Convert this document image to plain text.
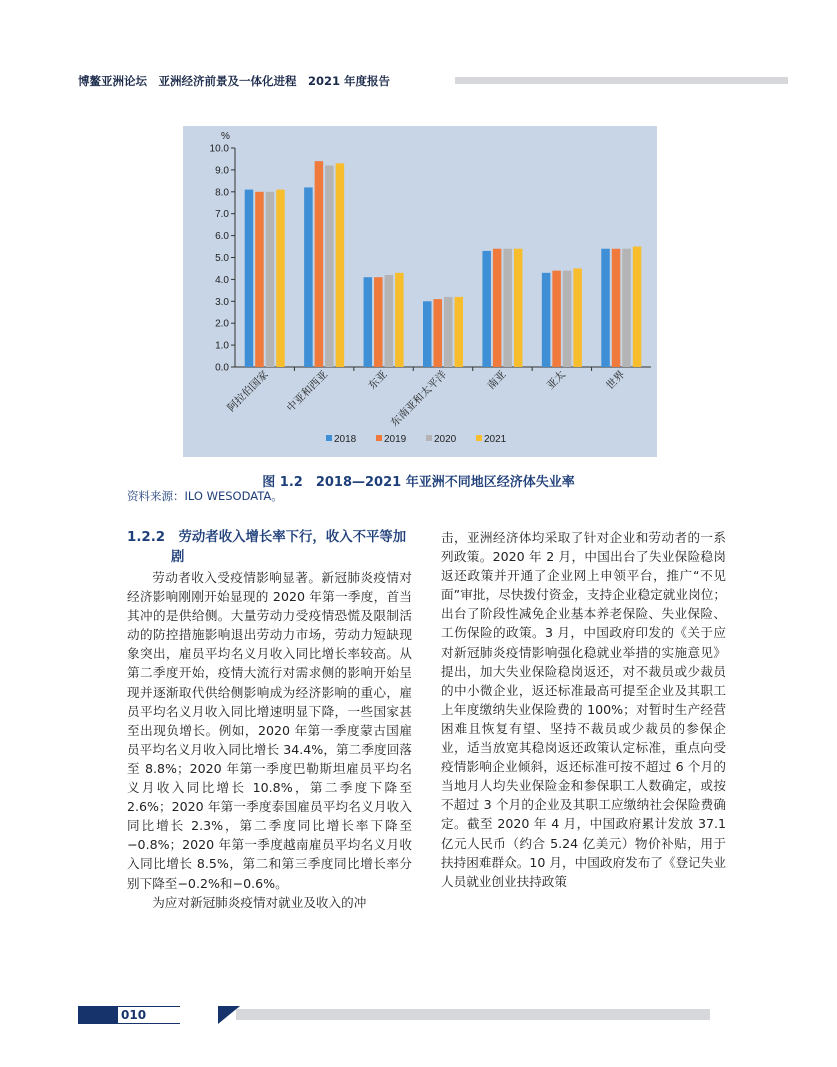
博鳌亚洲论坛　亚洲经济前景及一体化进程　2021 年度报告
%
0.0
1.0
2.0
3.0
4.0
5.0
6.0
7.0
8.0
9.0
10.0
阿拉伯国家 中亚和西亚	东亚
东南亚和太平洋	南亚	亚太	世界
2018	2019	2020	2021
图 1.2　2018—2021 年亚洲不同地区经济体失业率
资料来源：ILO WESODATA。
1.2.2　劳动者收入增长率下行，收入不平等加剧

劳动者收入受疫情影响显著。新冠肺炎疫情对经济影响刚刚开始显现的 2020 年第一季度，首当其冲的是供给侧。大量劳动力受疫情恐慌及限制活动的防控措施影响退出劳动力市场，劳动力短缺现象突出，雇员平均名义月收入同比增长率较高。从第二季度开始，疫情大流行对需求侧的影响开始呈现并逐渐取代供给侧影响成为经济影响的重心，雇员平均名义月收入同比增速明显下降，一些国家甚至出现负增长。例如，2020 年第一季度蒙古国雇员平均名义月收入同比增长 34.4%，第二季度回落至 8.8%；2020 年第一季度巴勒斯坦雇员平均名义月收入同比增长 10.8%，第二季度下降至 2.6%；2020 年第一季度泰国雇员平均名义月收入同比增长 2.3%，第二季度同比增长率下降至−0.8%；2020 年第一季度越南雇员平均名义月收入同比增长 8.5%，第二和第三季度同比增长率分别下降至−0.2%和−0.6%。

为应对新冠肺炎疫情对就业及收入的冲

击，亚洲经济体均采取了针对企业和劳动者的一系列政策。2020 年 2 月，中国出台了失业保险稳岗返还政策并开通了企业网上申领平台，推广“不见面”审批，尽快拨付资金，支持企业稳定就业岗位；出台了阶段性减免企业基本养老保险、失业保险、工伤保险的政策。3 月，中国政府印发的《关于应对新冠肺炎疫情影响强化稳就业举措的实施意见》提出，加大失业保险稳岗返还，对不裁员或少裁员的中小微企业，返还标准最高可提至企业及其职工上年度缴纳失业保险费的 100%；对暂时生产经营困难且恢复有望、坚持不裁员或少裁员的参保企业，适当放宽其稳岗返还政策认定标准，重点向受疫情影响企业倾斜，返还标准可按不超过 6 个月的当地月人均失业保险金和参保职工人数确定，或按不超过 3 个月的企业及其职工应缴纳社会保险费确定。截至 2020 年 4 月，中国政府累计发放 37.1 亿元人民币（约合 5.24 亿美元）物价补贴，用于扶持困难群众。10 月，中国政府发布了《登记失业人员就业创业扶持政策

010
